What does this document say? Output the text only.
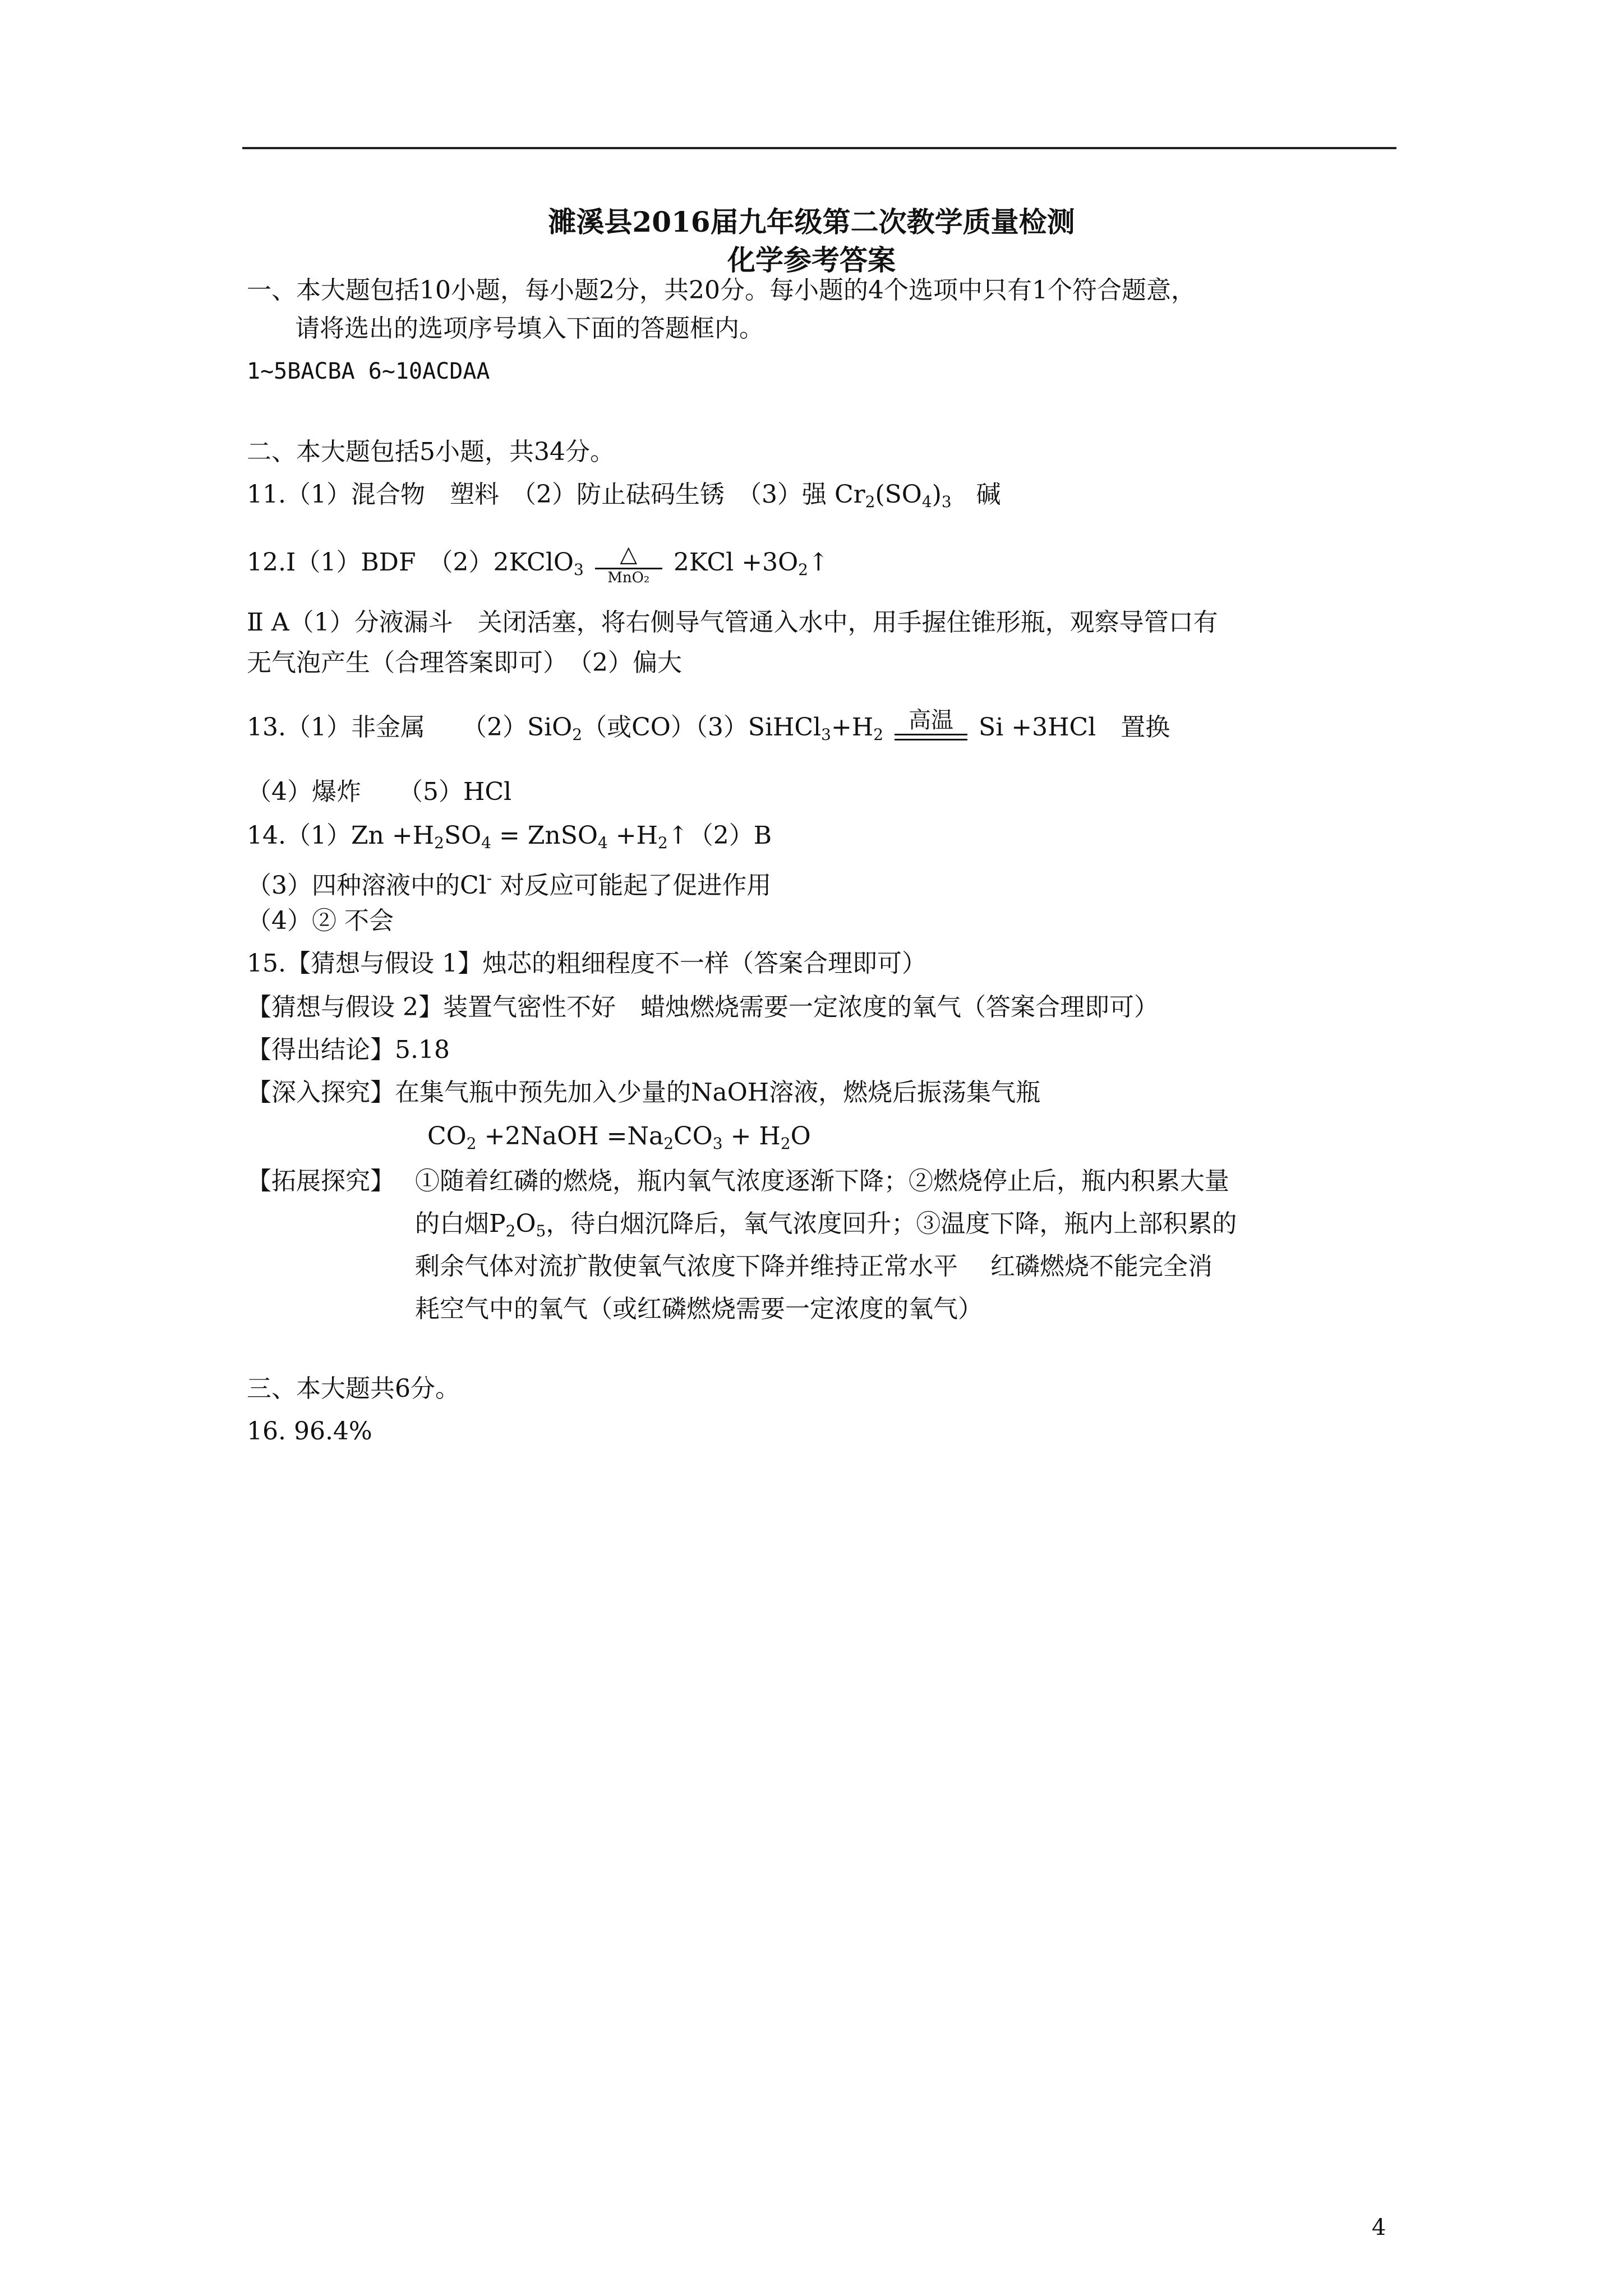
濉溪县2016届九年级第二次教学质量检测
化学参考答案
一、本大题包括10小题，每小题2分，共20分。每小题的4个选项中只有1个符合题意，
请将选出的选项序号填入下面的答题框内。
1~5BACBA 6~10ACDAA
二、本大题包括5小题，共34分。
11.（1）混合物　塑料　（2）防止砝码生锈　（3）强 $Cr_2(SO_4)_3$　碱
12.Ⅰ（1）BDF　（2）2KClO$_3$
△
MnO₂
$2KCl +3O_2↑$
Ⅱ A（1）分液漏斗　关闭活塞，将右侧导气管通入水中，用手握住锥形瓶，观察导管口有
无气泡产生（合理答案即可）　（2）偏大
13.（1）非金属　　（2）SiO$_2$（或$CO)(3)SiHCl_3+H_2$
高温	Si +3HCl　置换
（4）爆炸　　（5）HCl
$14.(1)Zn +H_2SO_4$ = ZnSO$_4$ $+H_2↑(2)B$
（3）四种溶液中的Cl- 对反应可能起了促进作用
（4）② 不会
15.【猜想与假设 1】烛芯的粗细程度不一样（答案合理即可）
【猜想与假设 2】装置气密性不好　蜡烛燃烧需要一定浓度的氧气（答案合理即可）
【得出结论】5.18
【深入探究】在集气瓶中预先加入少量的NaOH溶液，燃烧后振荡集气瓶
$CO_2$ +2NaOH $=Na_2CO_3 + H_2O$
【拓展探究】 ①随着红磷的燃烧，瓶内氧气浓度逐渐下降；②燃烧停止后，瓶内积累大量
的白烟$P_2O_5$，待白烟沉降后，氧气浓度回升；③温度下降，瓶内上部积累的
剩余气体对流扩散使氧气浓度下降并维持正常水平　 红磷燃烧不能完全消
耗空气中的氧气（或红磷燃烧需要一定浓度的氧气）
三、本大题共6分。
16. 96.4%
4
